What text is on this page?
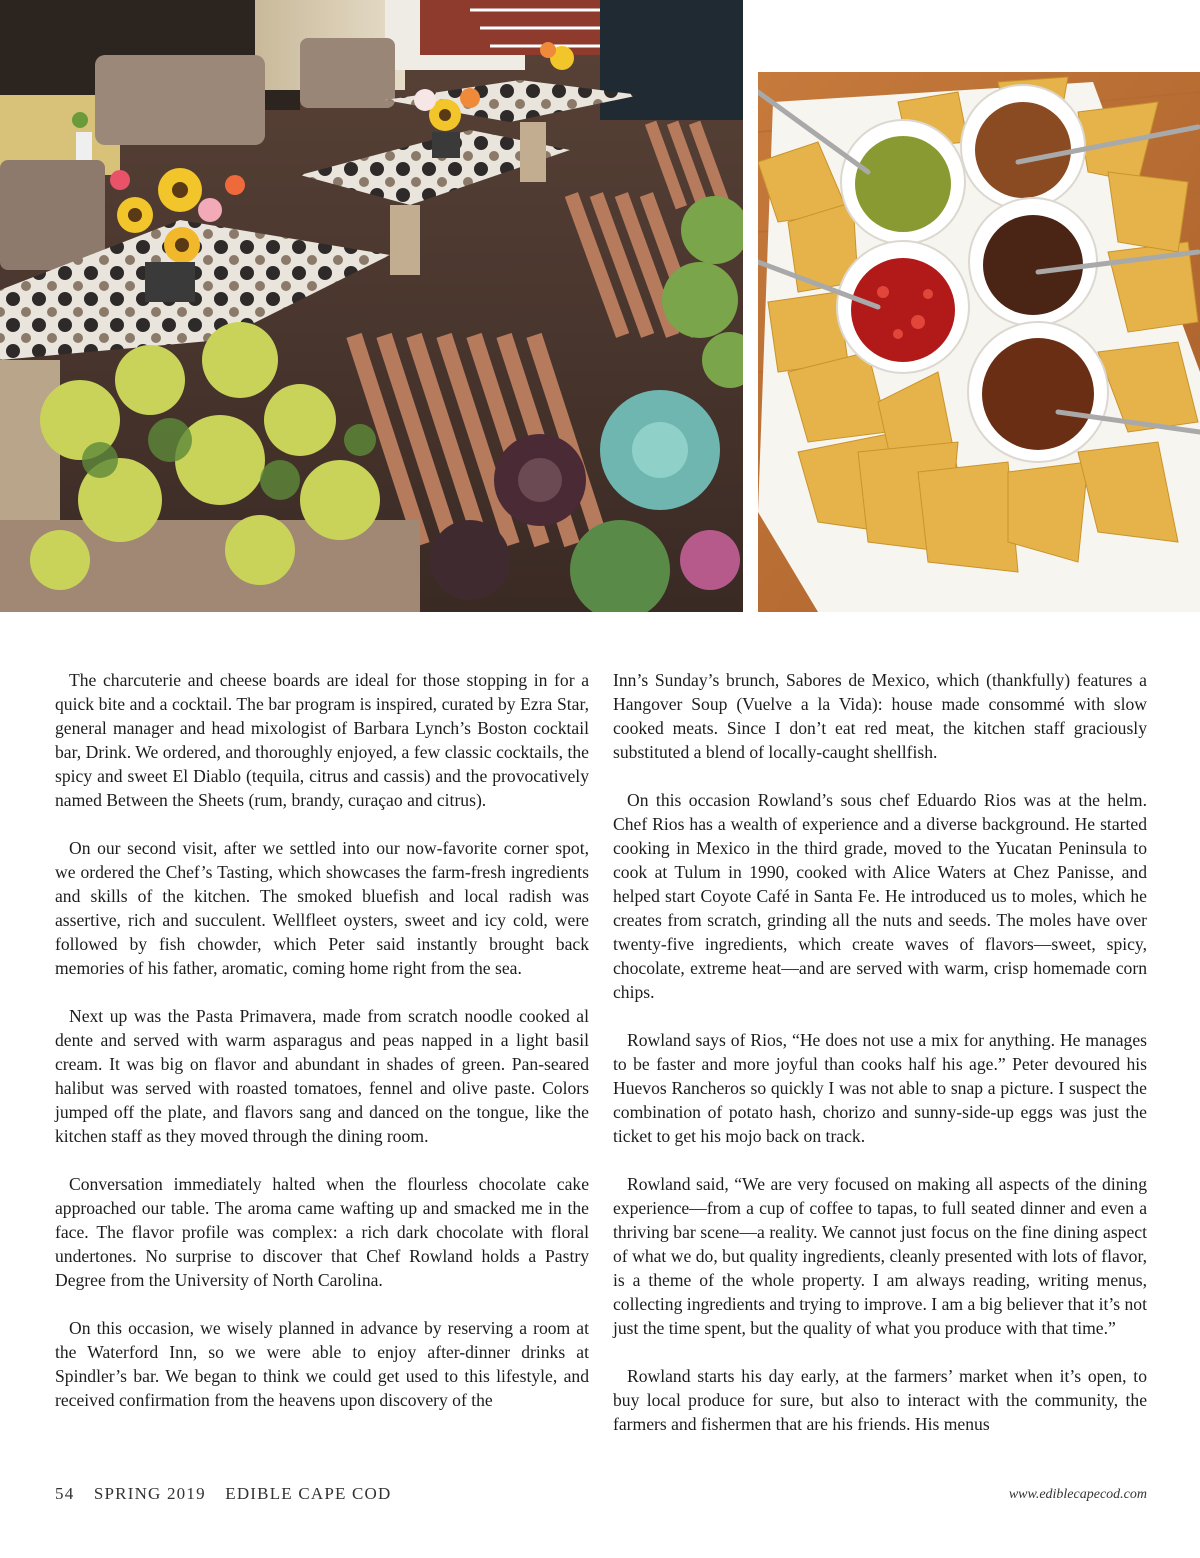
The charcuterie and cheese boards are ideal for those stopping in for a quick bite and a cocktail. The bar program is inspired, curated by Ezra Star, general manager and head mixologist of Barbara Lynch’s Boston cocktail bar, Drink. We ordered, and thoroughly enjoyed, a few classic cocktails, the spicy and sweet El Diablo (tequila, citrus and cassis) and the provocatively named Between the Sheets (rum, brandy, curaçao and citrus).

On our second visit, after we settled into our now-favorite corner spot, we ordered the Chef’s Tasting, which showcases the farm-fresh ingredients and skills of the kitchen. The smoked bluefish and local radish was assertive, rich and succulent. Wellfleet oysters, sweet and icy cold, were followed by fish chowder, which Peter said instantly brought back memories of his father, aromatic, coming home right from the sea.

Next up was the Pasta Primavera, made from scratch noodle cooked al dente and served with warm asparagus and peas napped in a light basil cream. It was big on flavor and abundant in shades of green. Pan-seared halibut was served with roasted tomatoes, fennel and olive paste. Colors jumped off the plate, and flavors sang and danced on the tongue, like the kitchen staff as they moved through the dining room.

Conversation immediately halted when the flourless chocolate cake approached our table. The aroma came wafting up and smacked me in the face. The flavor profile was complex: a rich dark chocolate with floral undertones. No surprise to discover that Chef Rowland holds a Pastry Degree from the University of North Carolina.

On this occasion, we wisely planned in advance by reserving a room at the Waterford Inn, so we were able to enjoy after-dinner drinks at Spindler’s bar. We began to think we could get used to this lifestyle, and received confirmation from the heavens upon discovery of the

Inn’s Sunday’s brunch, Sabores de Mexico, which (thankfully) features a Hangover Soup (Vuelve a la Vida): house made consommé with slow cooked meats. Since I don’t eat red meat, the kitchen staff graciously substituted a blend of locally-caught shellfish.

On this occasion Rowland’s sous chef Eduardo Rios was at the helm. Chef Rios has a wealth of experience and a diverse background. He started cooking in Mexico in the third grade, moved to the Yucatan Peninsula to cook at Tulum in 1990, cooked with Alice Waters at Chez Panisse, and helped start Coyote Café in Santa Fe. He introduced us to moles, which he creates from scratch, grinding all the nuts and seeds. The moles have over twenty-five ingredients, which create waves of flavors—sweet, spicy, chocolate, extreme heat—and are served with warm, crisp homemade corn chips.

Rowland says of Rios, “He does not use a mix for anything. He manages to be faster and more joyful than cooks half his age.” Peter devoured his Huevos Rancheros so quickly I was not able to snap a picture. I suspect the combination of potato hash, chorizo and sunny-side-up eggs was just the ticket to get his mojo back on track.

Rowland said, “We are very focused on making all aspects of the dining experience—from a cup of coffee to tapas, to full seated dinner and even a thriving bar scene—a reality. We cannot just focus on the fine dining aspect of what we do, but quality ingredients, cleanly presented with lots of flavor, is a theme of the whole property. I am always reading, writing menus, collecting ingredients and trying to improve. I am a big believer that it’s not just the time spent, but the quality of what you produce with that time.”

Rowland starts his day early, at the farmers’ market when it’s open, to buy local produce for sure, but also to interact with the community, the farmers and fishermen that are his friends. His menus

54 SPRING 2019 EDIBLE CAPE COD	www.ediblecapecod.com
